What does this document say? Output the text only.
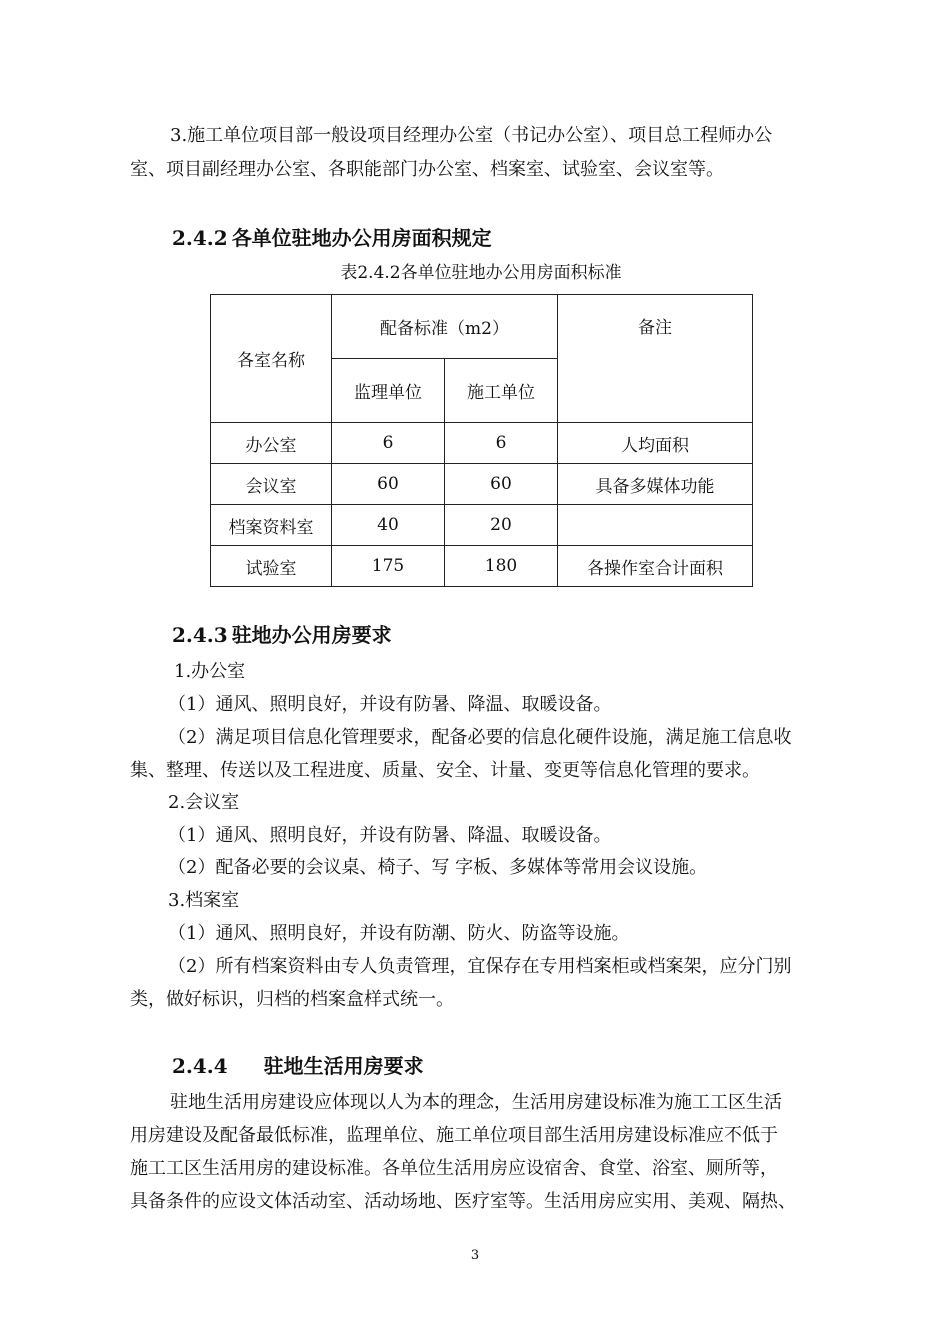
3.施工单位项目部一般设项目经理办公室（书记办公室）、项目总工程师办公
室、项目副经理办公室、各职能部门办公室、档案室、试验室、会议室等。
2.4.2 各单位驻地办公用房面积规定
表2.4.2各单位驻地办公用房面积标准
各室名称	配备标准（m2）		备注
	监理单位	施工单位	
办公室	6	6	人均面积
会议室	60	60	具备多媒体功能
档案资料室	40	20	
试验室	175	180	各操作室合计面积
2.4.3 驻地办公用房要求
1.办公室
（1）通风、照明良好，并设有防暑、降温、取暖设备。
（2）满足项目信息化管理要求，配备必要的信息化硬件设施，满足施工信息收
集、整理、传送以及工程进度、质量、安全、计量、变更等信息化管理的要求。
2.会议室
（1）通风、照明良好，并设有防暑、降温、取暖设备。
（2）配备必要的会议桌、椅子、写 字板、多媒体等常用会议设施。
3.档案室
（1）通风、照明良好，并设有防潮、防火、防盗等设施。
（2）所有档案资料由专人负责管理，宜保存在专用档案柜或档案架，应分门别
类，做好标识，归档的档案盒样式统一。
2.4.4 驻地生活用房要求
驻地生活用房建设应体现以人为本的理念，生活用房建设标准为施工工区生活
用房建设及配备最低标准，监理单位、施工单位项目部生活用房建设标准应不低于
施工工区生活用房的建设标准。各单位生活用房应设宿舍、食堂、浴室、厕所等，
具备条件的应设文体活动室、活动场地、医疗室等。生活用房应实用、美观、隔热、
3
